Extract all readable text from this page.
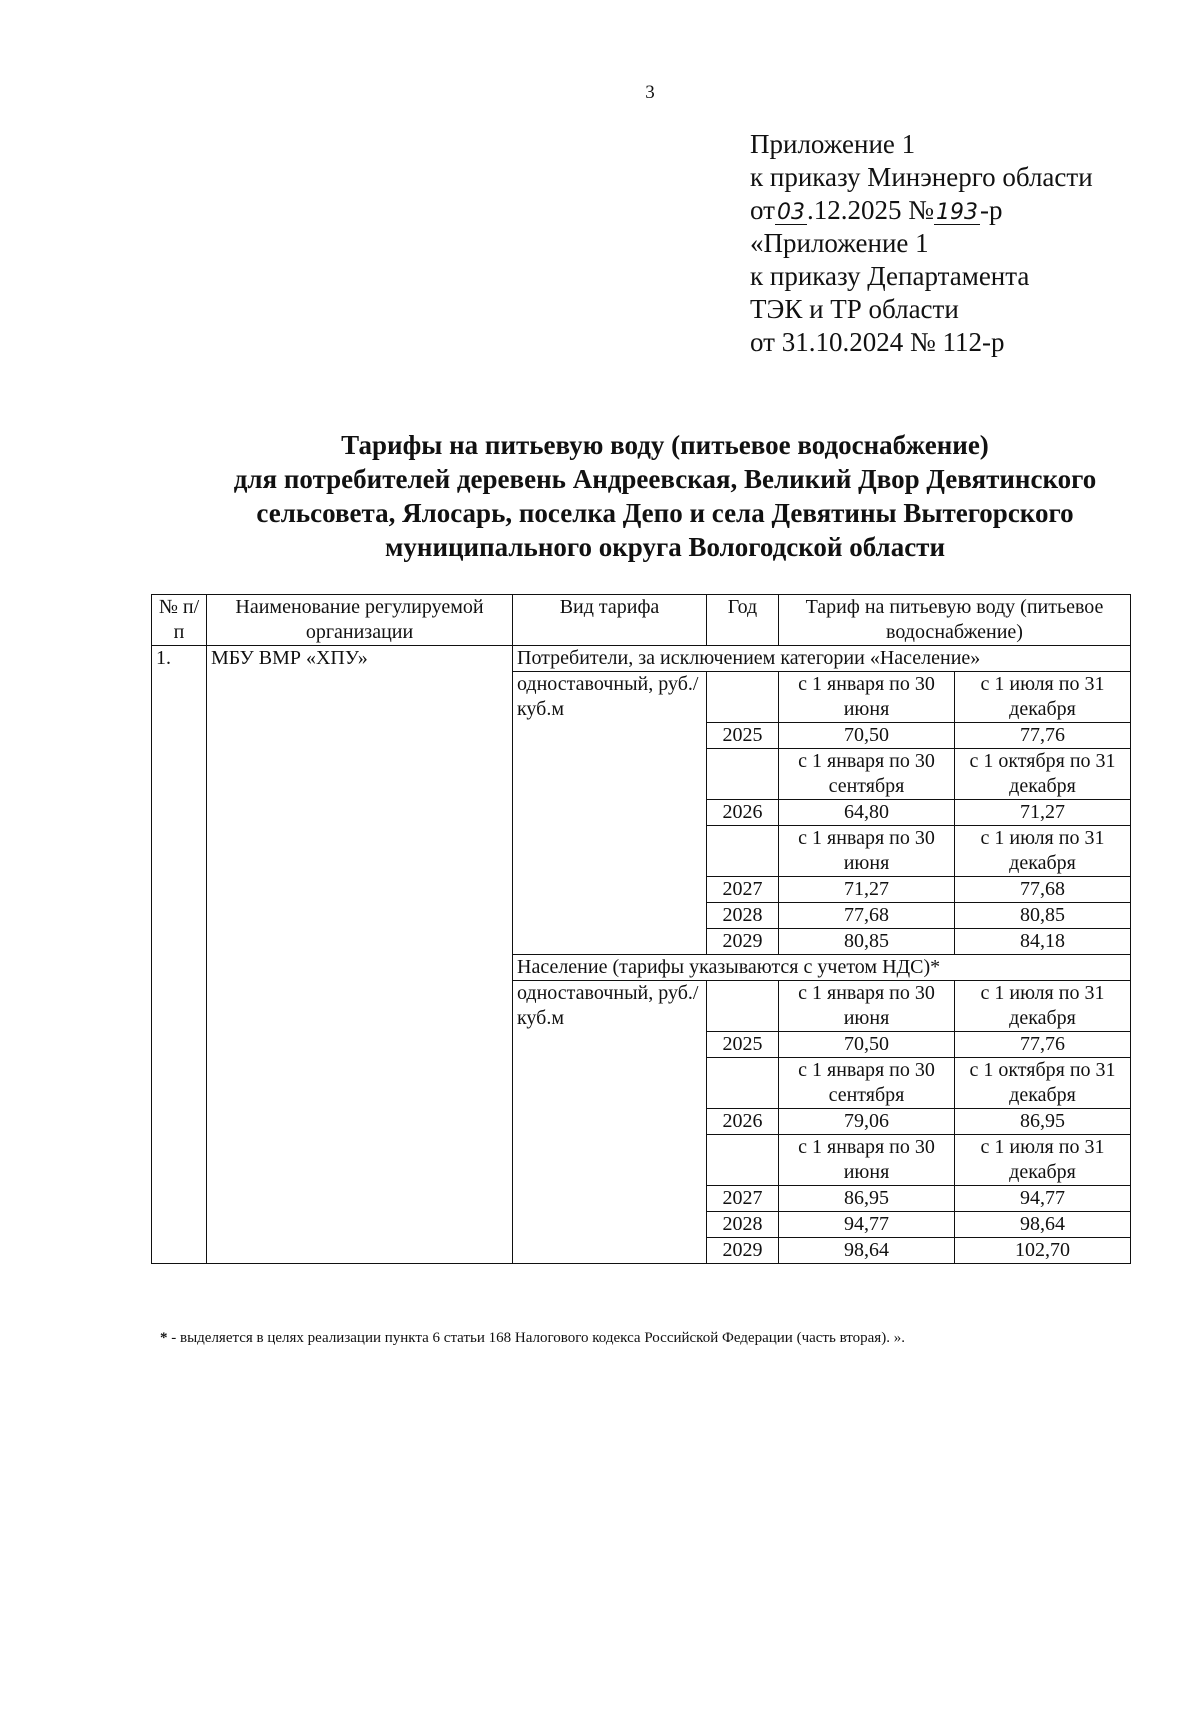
3
Приложение 1
к приказу Минэнерго области
от03.12.2025 №193-р
«Приложение 1
к приказу Департамента
ТЭК и ТР области
от 31.10.2024 № 112-р
Тарифы на питьевую воду (питьевое водоснабжение)
для потребителей деревень Андреевская, Великий Двор Девятинского
сельсовета, Ялосарь, поселка Депо и села Девятины Вытегорского
муниципального округа Вологодской области
№ п/п	Наименование регулируемой организации	Вид тарифа	Год	Тариф на питьевую воду (питьевое водоснабжение)	
1.	МБУ ВМР «ХПУ»	Потребители, за исключением категории «Население»			
		одноставочный, руб./куб.м		с 1 января по 30 июня	с 1 июля по 31 декабря
			2025	70,50	77,76
				с 1 января по 30 сентября	с 1 октября по 31 декабря
			2026	64,80	71,27
				с 1 января по 30 июня	с 1 июля по 31 декабря
			2027	71,27	77,68
			2028	77,68	80,85
			2029	80,85	84,18
		Население (тарифы указываются с учетом НДС)*			
		одноставочный, руб./куб.м		с 1 января по 30 июня	с 1 июля по 31 декабря
			2025	70,50	77,76
				с 1 января по 30 сентября	с 1 октября по 31 декабря
			2026	79,06	86,95
				с 1 января по 30 июня	с 1 июля по 31 декабря
			2027	86,95	94,77
			2028	94,77	98,64
			2029	98,64	102,70
* - выделяется в целях реализации пункта 6 статьи 168 Налогового кодекса Российской Федерации (часть вторая). ».
